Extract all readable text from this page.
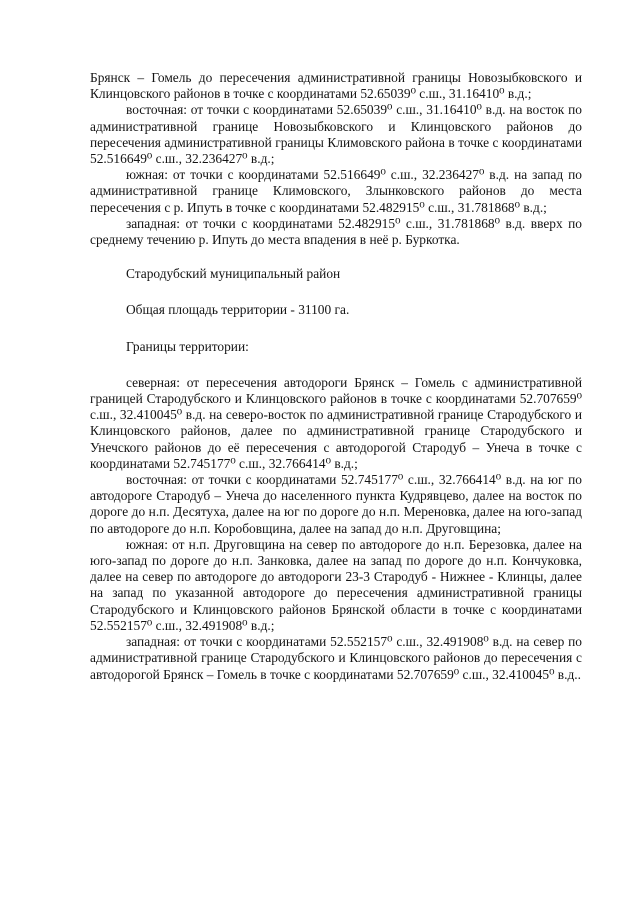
Брянск – Гомель до пересечения административной границы Новозыбковского и Клинцовского районов в точке с координатами 52.65039⁰ с.ш., 31.16410⁰ в.д.;

восточная: от точки с координатами 52.65039⁰ с.ш., 31.16410⁰ в.д. на восток по административной границе Новозыбковского и Клинцовского районов до пересечения административной границы Климовского района в точке с координатами 52.516649⁰ с.ш., 32.236427⁰ в.д.;

южная: от точки с координатами 52.516649⁰ с.ш., 32.236427⁰ в.д. на запад по административной границе Климовского, Злынковского районов до места пересечения с р. Ипуть в точке с координатами 52.482915⁰ с.ш., 31.781868⁰ в.д.;

западная: от точки с координатами 52.482915⁰ с.ш., 31.781868⁰ в.д. вверх по среднему течению р. Ипуть до места впадения в неё р. Буркотка.

Стародубский муниципальный район

Общая площадь территории - 31100 га.

Границы территории:

северная: от пересечения автодороги Брянск – Гомель с административной границей Стародубского и Клинцовского районов в точке с координатами 52.707659⁰ с.ш., 32.410045⁰ в.д. на северо-восток по административной границе Стародубского и Клинцовского районов, далее по административной границе Стародубского и Унечского районов до её пересечения с автодорогой Стародуб – Унеча в точке с координатами 52.745177⁰ с.ш., 32.766414⁰ в.д.;

восточная: от точки с координатами 52.745177⁰ с.ш., 32.766414⁰ в.д. на юг по автодороге Стародуб – Унеча до населенного пункта Кудрявцево, далее на восток по дороге до н.п. Десятуха, далее на юг по дороге до н.п. Мереновка, далее на юго-запад по автодороге до н.п. Коробовщина, далее на запад до н.п. Друговщина;

южная: от н.п. Друговщина на север по автодороге до н.п. Березовка, далее на юго-запад по дороге до н.п. Занковка, далее на запад по дороге до н.п. Кончуковка, далее на север по автодороге до автодороги 23-3 Стародуб - Нижнее - Клинцы, далее на запад по указанной автодороге до пересечения административной границы Стародубского и Клинцовского районов Брянской области в точке с координатами 52.552157⁰ с.ш., 32.491908⁰ в.д.;

западная: от точки с координатами 52.552157⁰ с.ш., 32.491908⁰ в.д. на север по административной границе Стародубского и Клинцовского районов до пересечения с автодорогой Брянск – Гомель в точке с координатами 52.707659⁰ с.ш., 32.410045⁰ в.д..
